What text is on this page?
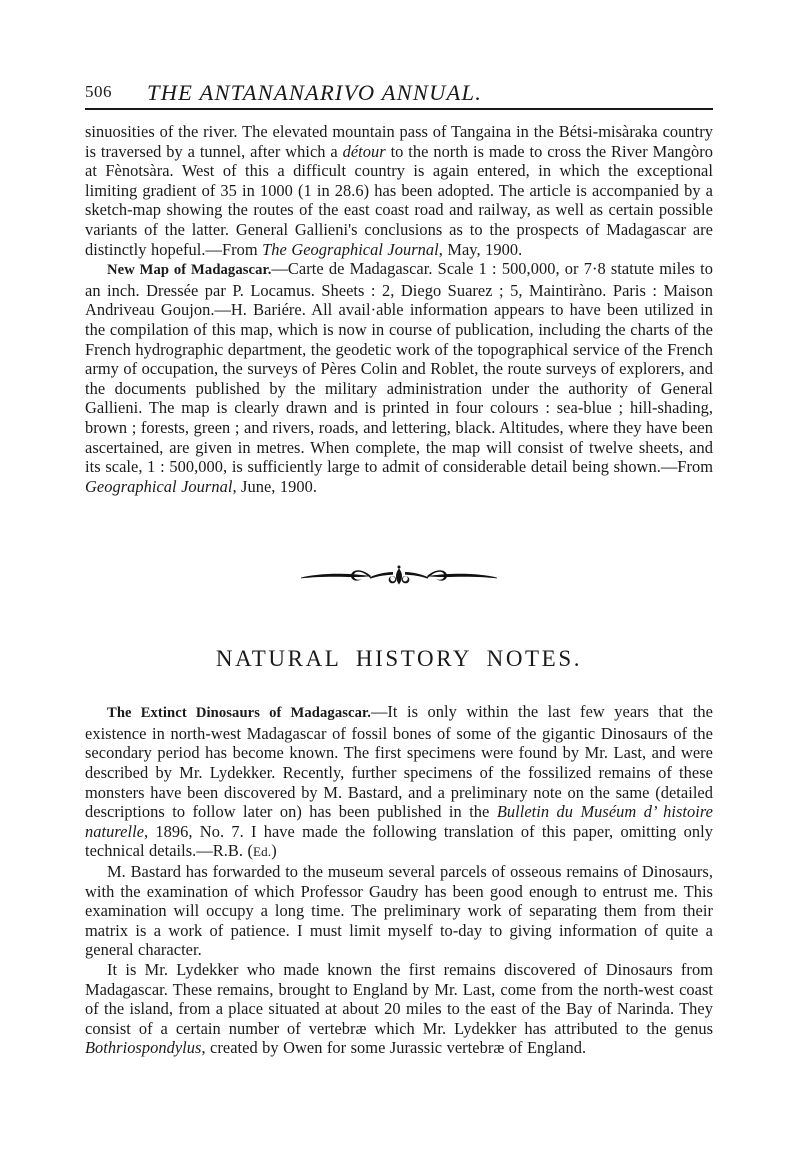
506 THE ANTANANARIVO ANNUAL.

sinuosities of the river. The elevated mountain pass of Tangaina in the Bétsi-misàraka country is traversed by a tunnel, after which a détour to the north is made to cross the River Mangòro at Fènotsàra. West of this a difficult country is again entered, in which the exceptional limiting gradient of 35 in 1000 (1 in 28.6) has been adopted. The article is accompanied by a sketch-map showing the routes of the east coast road and railway, as well as certain possible variants of the latter. General Gallieni's conclusions as to the prospects of Madagascar are distinctly hopeful.—From The Geographical Journal, May, 1900.

New Map of Madagascar.—Carte de Madagascar. Scale 1 : 500,000, or 7·8 statute miles to an inch. Dressée par P. Locamus. Sheets : 2, Diego Suarez ; 5, Maintiràno. Paris : Maison Andriveau Goujon.—H. Bariére. All avail·able information appears to have been utilized in the compilation of this map, which is now in course of publication, including the charts of the French hydrographic department, the geodetic work of the topographical service of the French army of occupation, the surveys of Pères Colin and Roblet, the route surveys of explorers, and the documents published by the military administration under the authority of General Gallieni. The map is clearly drawn and is printed in four colours : sea-blue ; hill-shading, brown ; forests, green ; and rivers, roads, and lettering, black. Altitudes, where they have been ascertained, are given in metres. When complete, the map will consist of twelve sheets, and its scale, 1 : 500,000, is sufficiently large to admit of considerable detail being shown.—From Geographical Journal, June, 1900.

NATURAL HISTORY NOTES.

The Extinct Dinosaurs of Madagascar.—It is only within the last few years that the existence in north-west Madagascar of fossil bones of some of the gigantic Dinosaurs of the secondary period has become known. The first specimens were found by Mr. Last, and were described by Mr. Lydekker. Recently, further specimens of the fossilized remains of these monsters have been discovered by M. Bastard, and a preliminary note on the same (detailed descriptions to follow later on) has been published in the Bulletin du Muséum d’ histoire naturelle, 1896, No. 7. I have made the following translation of this paper, omitting only technical details.—R.B. (Ed.)

M. Bastard has forwarded to the museum several parcels of osseous remains of Dinosaurs, with the examination of which Professor Gaudry has been good enough to entrust me. This examination will occupy a long time. The preliminary work of separating them from their matrix is a work of patience. I must limit myself to-day to giving information of quite a general character.

It is Mr. Lydekker who made known the first remains discovered of Dinosaurs from Madagascar. These remains, brought to England by Mr. Last, come from the north-west coast of the island, from a place situated at about 20 miles to the east of the Bay of Narinda. They consist of a certain number of vertebræ which Mr. Lydekker has attributed to the genus Bothriospondylus, created by Owen for some Jurassic vertebræ of England.
